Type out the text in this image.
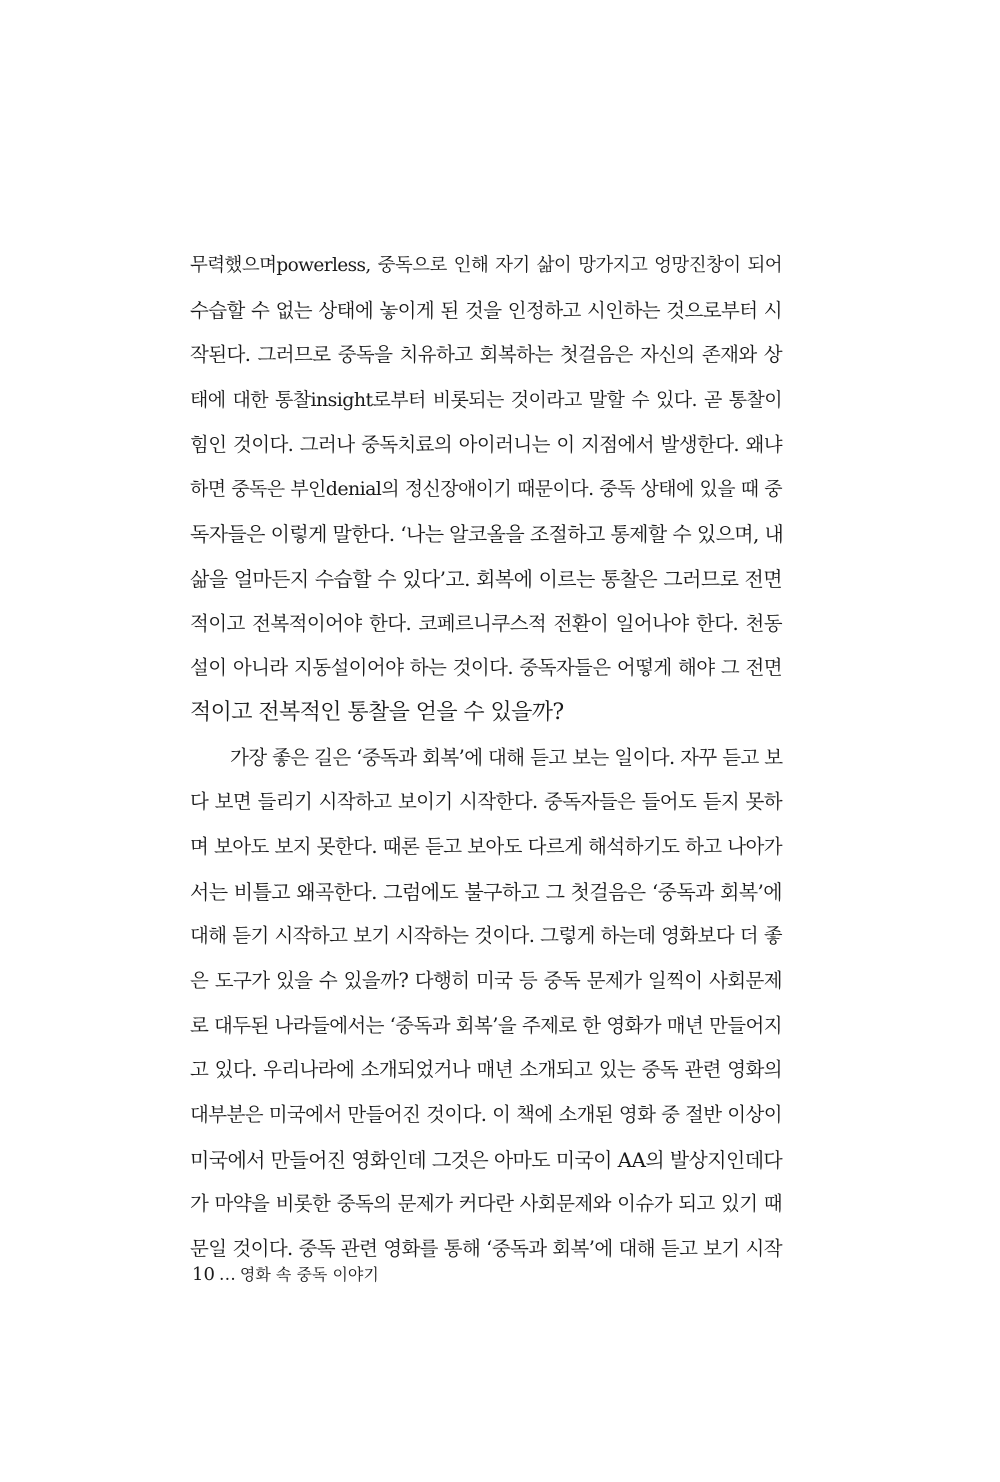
무력했으며powerless, 중독으로 인해 자기 삶이 망가지고 엉망진창이 되어
수습할 수 없는 상태에 놓이게 된 것을 인정하고 시인하는 것으로부터 시
작된다. 그러므로 중독을 치유하고 회복하는 첫걸음은 자신의 존재와 상
태에 대한 통찰insight로부터 비롯되는 것이라고 말할 수 있다. 곧 통찰이
힘인 것이다. 그러나 중독치료의 아이러니는 이 지점에서 발생한다. 왜냐
하면 중독은 부인denial의 정신장애이기 때문이다. 중독 상태에 있을 때 중
독자들은 이렇게 말한다. ‘나는 알코올을 조절하고 통제할 수 있으며, 내
삶을 얼마든지 수습할 수 있다’고. 회복에 이르는 통찰은 그러므로 전면
적이고 전복적이어야 한다. 코페르니쿠스적 전환이 일어나야 한다. 천동
설이 아니라 지동설이어야 하는 것이다. 중독자들은 어떻게 해야 그 전면
적이고 전복적인 통찰을 얻을 수 있을까?
가장 좋은 길은 ‘중독과 회복’에 대해 듣고 보는 일이다. 자꾸 듣고 보
다 보면 들리기 시작하고 보이기 시작한다. 중독자들은 들어도 듣지 못하
며 보아도 보지 못한다. 때론 듣고 보아도 다르게 해석하기도 하고 나아가
서는 비틀고 왜곡한다. 그럼에도 불구하고 그 첫걸음은 ‘중독과 회복’에
대해 듣기 시작하고 보기 시작하는 것이다. 그렇게 하는데 영화보다 더 좋
은 도구가 있을 수 있을까? 다행히 미국 등 중독 문제가 일찍이 사회문제
로 대두된 나라들에서는 ‘중독과 회복’을 주제로 한 영화가 매년 만들어지
고 있다. 우리나라에 소개되었거나 매년 소개되고 있는 중독 관련 영화의
대부분은 미국에서 만들어진 것이다. 이 책에 소개된 영화 중 절반 이상이
미국에서 만들어진 영화인데 그것은 아마도 미국이 AA의 발상지인데다
가 마약을 비롯한 중독의 문제가 커다란 사회문제와 이슈가 되고 있기 때
문일 것이다. 중독 관련 영화를 통해 ‘중독과 회복’에 대해 듣고 보기 시작
10 … 영화 속 중독 이야기
